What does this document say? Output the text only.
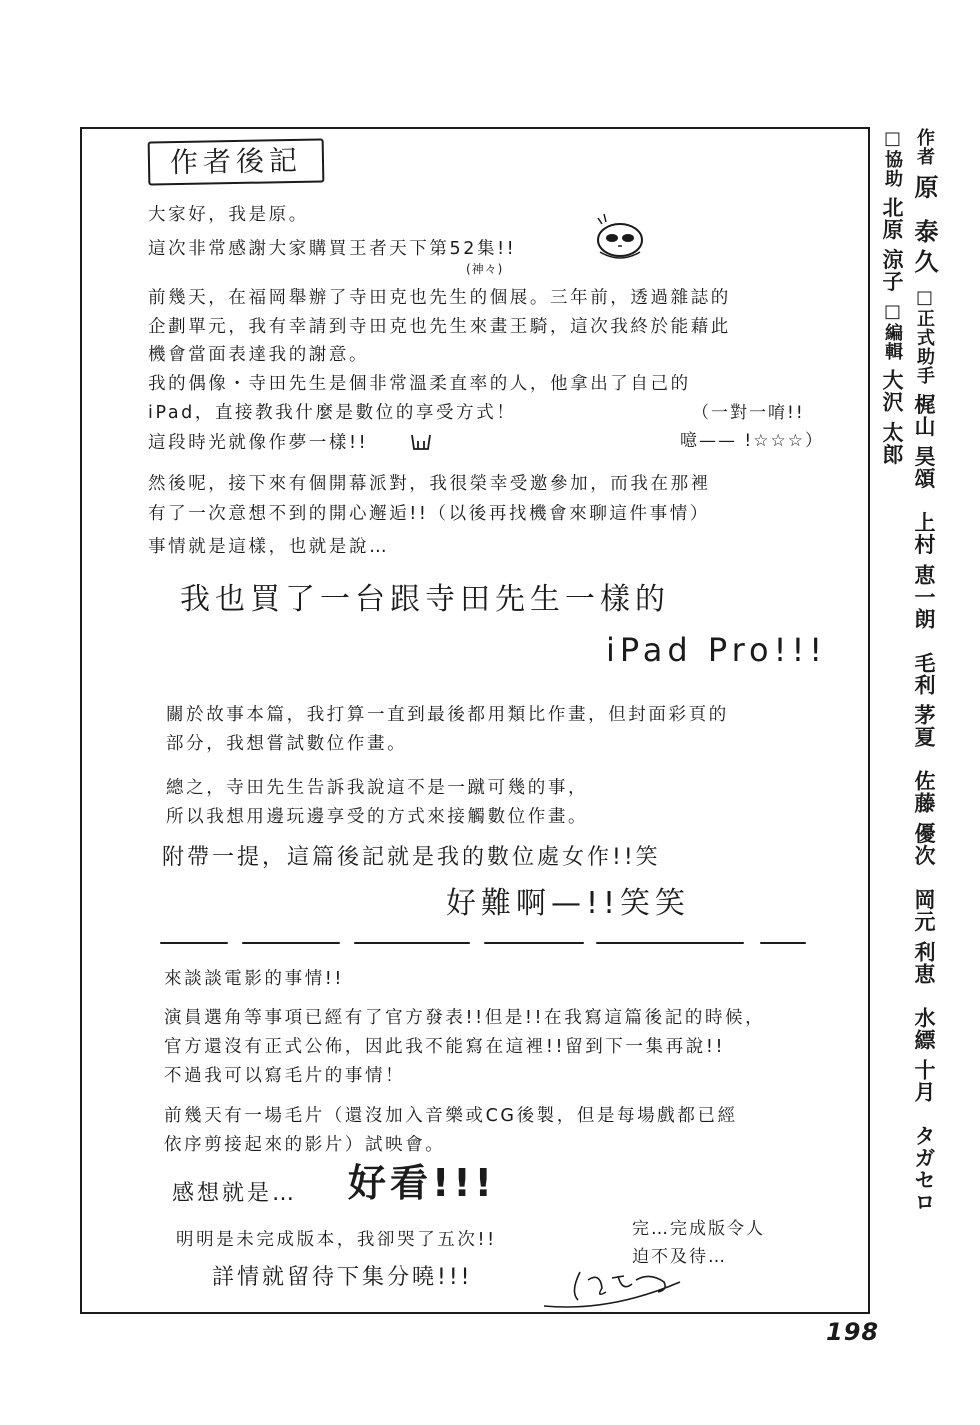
作者後記
大家好，我是原。
這次非常感謝大家購買王者天下第52集!!
(神々)
前幾天，在福岡舉辦了寺田克也先生的個展。三年前，透過雜誌的
企劃單元，我有幸請到寺田克也先生來畫王騎，這次我終於能藉此
機會當面表達我的謝意。
我的偶像・寺田先生是個非常溫柔直率的人，他拿出了自己的
iPad，直接教我什麼是數位的享受方式！
這段時光就像作夢一樣!!
（一對一唷!!
噫—— !☆☆☆）
然後呢，接下來有個開幕派對，我很榮幸受邀參加，而我在那裡
有了一次意想不到的開心邂逅!!（以後再找機會來聊這件事情）
事情就是這樣，也就是說…
我也買了一台跟寺田先生一樣的
iPad Pro!!!
關於故事本篇，我打算一直到最後都用類比作畫，但封面彩頁的
部分，我想嘗試數位作畫。
總之，寺田先生告訴我說這不是一蹴可幾的事，
所以我想用邊玩邊享受的方式來接觸數位作畫。
附帶一提，這篇後記就是我的數位處女作!!笑
好難啊—!!笑笑
來談談電影的事情!!
演員選角等事項已經有了官方發表!!但是!!在我寫這篇後記的時候，
官方還沒有正式公佈，因此我不能寫在這裡!!留到下一集再說!!
不過我可以寫毛片的事情！
前幾天有一場毛片（還沒加入音樂或CG後製，但是每場戲都已經
依序剪接起來的影片）試映會。
感想就是… 好看!!!
明明是未完成版本，我卻哭了五次!!
詳情就留待下集分曉!!!
完…完成版令人
迫不及待…
作者 原 泰久 □正式助手 梶山 昊頌　上村 恵一朗　毛利 茅夏　佐藤 優次　岡元 利恵　水縹 十月　タガセロ □協助 北原 涼子 □編輯 大沢 太郎
198
